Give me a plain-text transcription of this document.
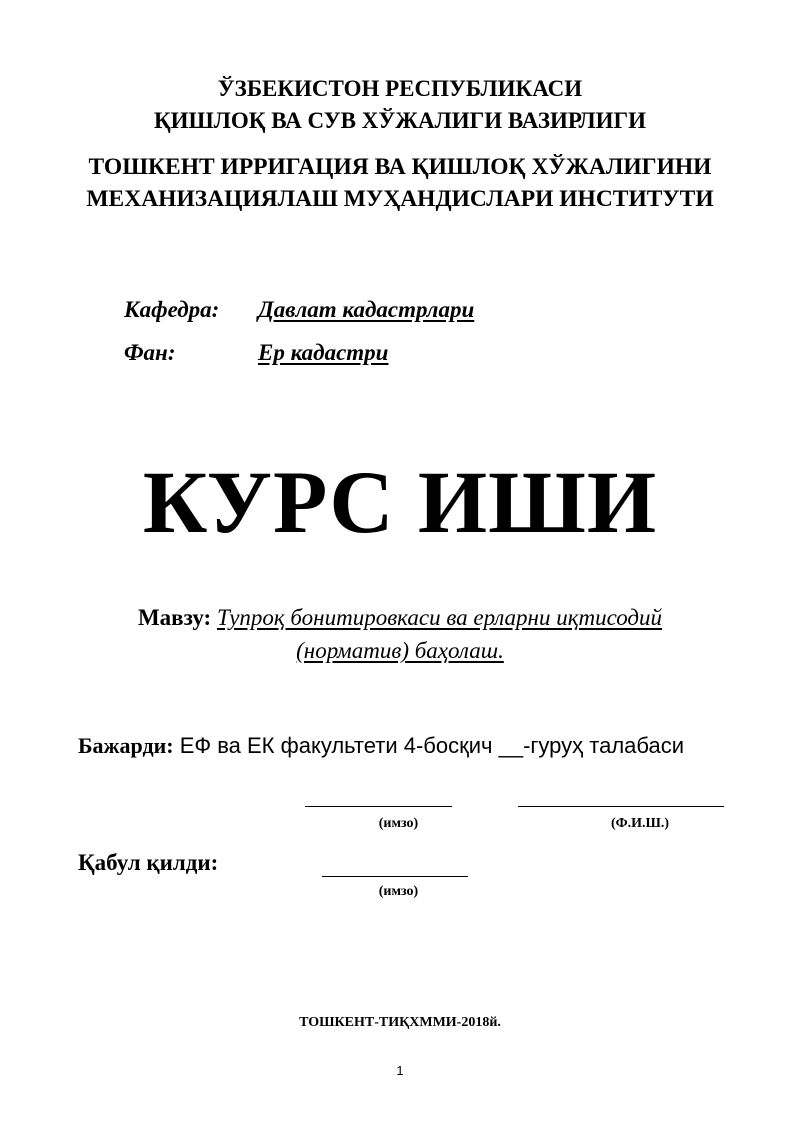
ЎЗБЕКИСТОН РЕСПУБЛИКАСИ
ҚИШЛОҚ ВА СУВ ХЎЖАЛИГИ ВАЗИРЛИГИ
ТОШКЕНТ ИРРИГАЦИЯ ВА ҚИШЛОҚ ХЎЖАЛИГИНИ
МЕХАНИЗАЦИЯЛАШ МУҲАНДИСЛАРИ ИНСТИТУТИ
Кафедра: Давлат кадастрлари
Фан:	Ер кадастри
КУРС ИШИ
Мавзу: Тупроқ бонитировкаси ва ерларни иқтисодий
(норматив) баҳолаш.
Бажарди: ЕФ ва ЕК факультети 4-босқич __-гуруҳ талабаси
(имзо)	(Ф.И.Ш.)
Қабул қилди:
(имзо)
ТОШКЕНТ-ТИҚХММИ-2018й.
1
